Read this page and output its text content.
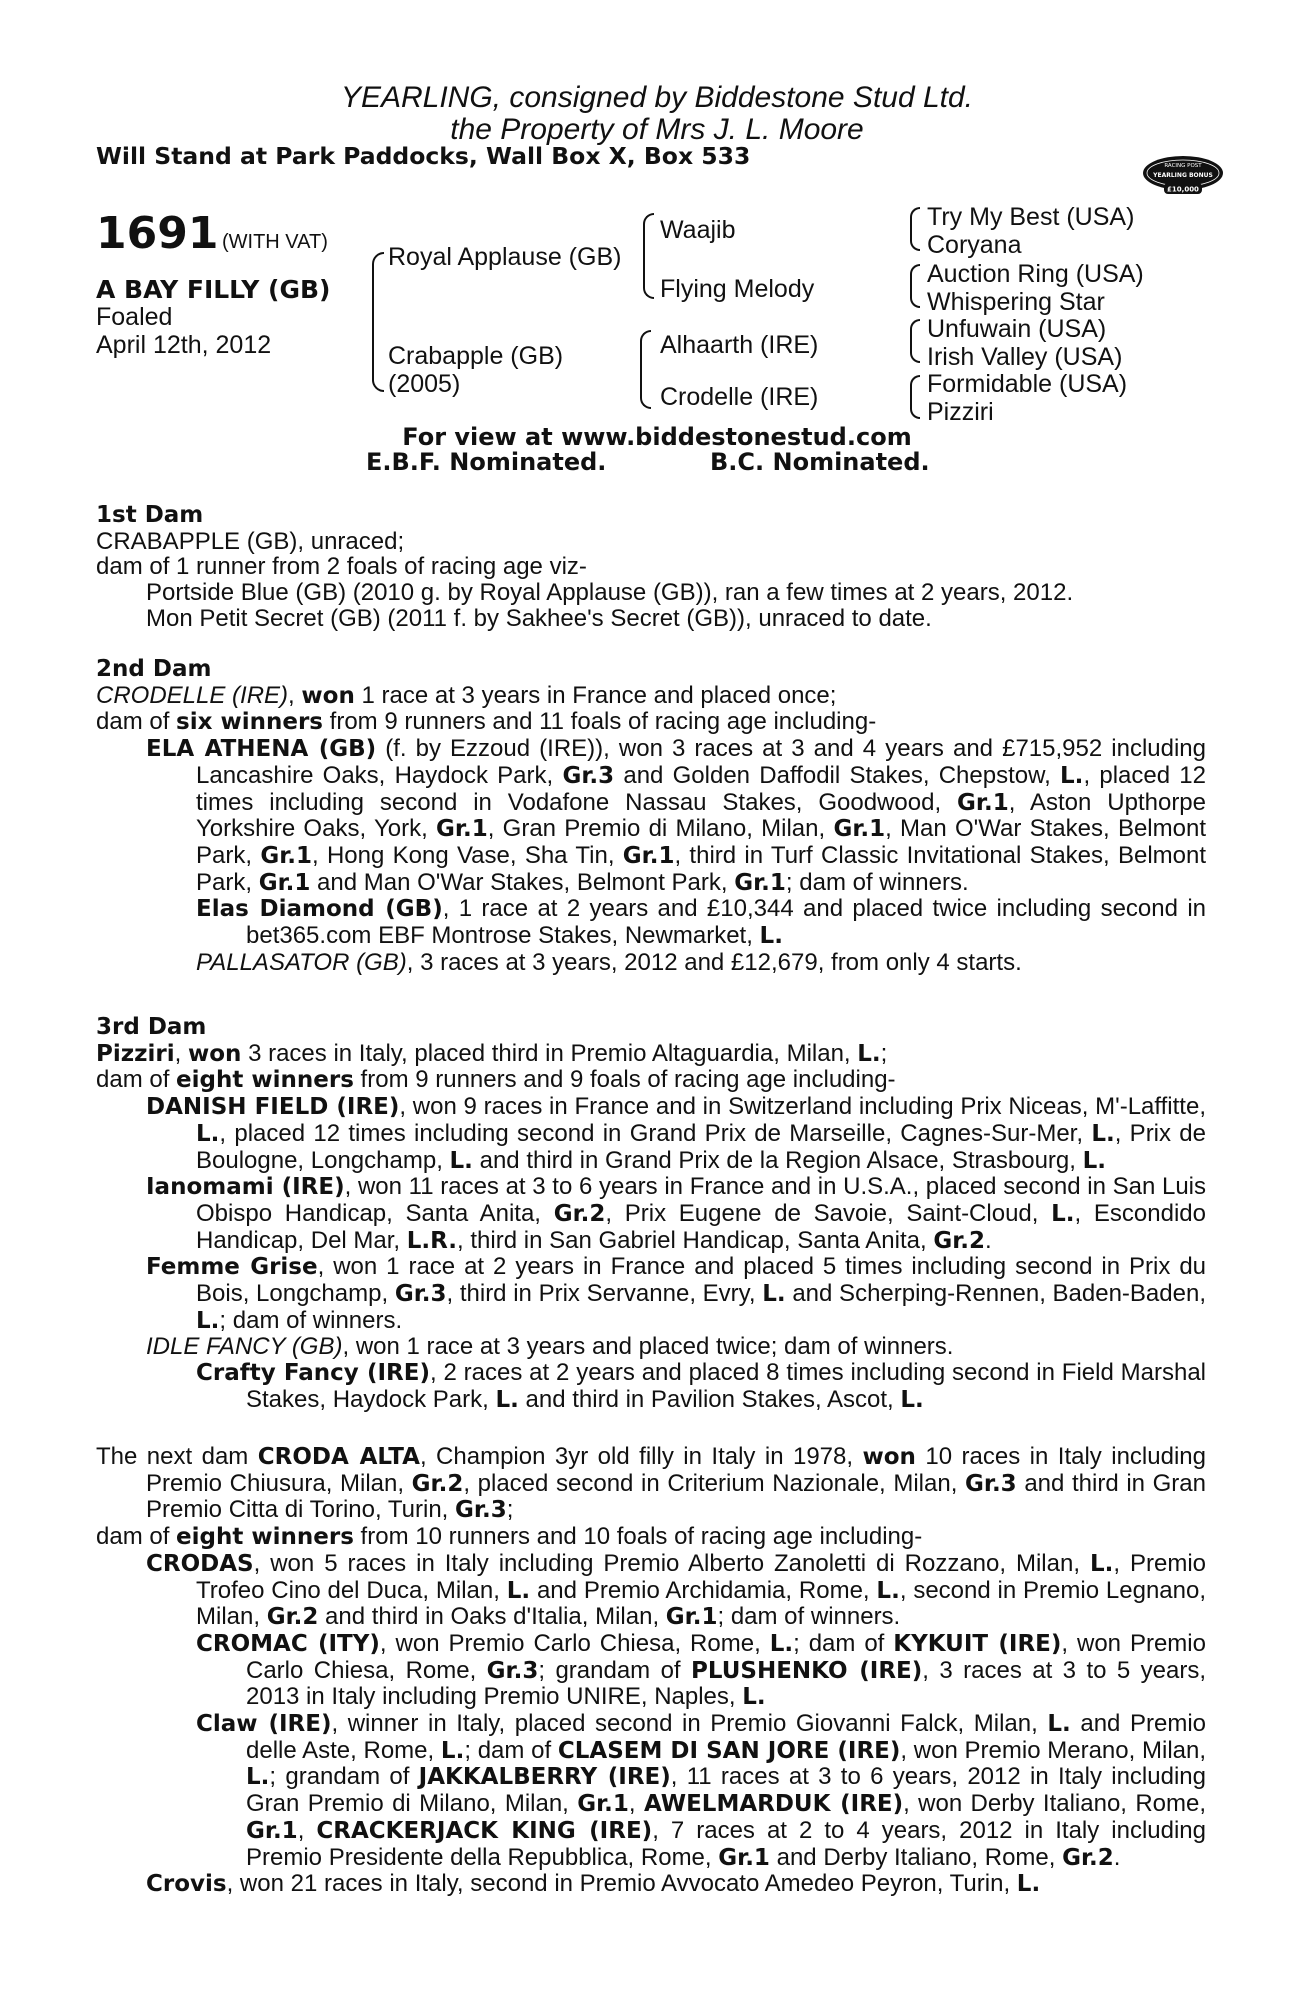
YEARLING, consigned by Biddestone Stud Ltd.
the Property of Mrs J. L. Moore
Will Stand at Park Paddocks, Wall Box X, Box 533	RACING POST
YEARLING BONUS
£10,000
1691 (WITH VAT)
A BAY FILLY (GB)
Foaled
April 12th, 2012
Royal Applause (GB)
Crabapple (GB)
(2005)
Waajib
Flying Melody
Alhaarth (IRE)
Crodelle (IRE)
Try My Best (USA)
Coryana
Auction Ring (USA)
Whispering Star
Unfuwain (USA)
Irish Valley (USA)
Formidable (USA)
Pizziri
For view at www.biddestonestud.com
E.B.F. Nominated.	B.C. Nominated.

1st Dam

CRABAPPLE (GB), unraced;

dam of 1 runner from 2 foals of racing age viz-

Portside Blue (GB) (2010 g. by Royal Applause (GB)), ran a few times at 2 years, 2012.

Mon Petit Secret (GB) (2011 f. by Sakhee's Secret (GB)), unraced to date.

2nd Dam

CRODELLE (IRE), won 1 race at 3 years in France and placed once;

dam of six winners from 9 runners and 11 foals of racing age including-

ELA ATHENA (GB) (f. by Ezzoud (IRE)), won 3 races at 3 and 4 years and £715,952 including Lancashire Oaks, Haydock Park, Gr.3 and Golden Daffodil Stakes, Chepstow, L., placed 12 times including second in Vodafone Nassau Stakes, Goodwood, Gr.1, Aston Upthorpe Yorkshire Oaks, York, Gr.1, Gran Premio di Milano, Milan, Gr.1, Man O'War Stakes, Belmont Park, Gr.1, Hong Kong Vase, Sha Tin, Gr.1, third in Turf Classic Invitational Stakes, Belmont Park, Gr.1 and Man O'War Stakes, Belmont Park, Gr.1; dam of winners.

Elas Diamond (GB), 1 race at 2 years and £10,344 and placed twice including second in bet365.com EBF Montrose Stakes, Newmarket, L.

PALLASATOR (GB), 3 races at 3 years, 2012 and £12,679, from only 4 starts.

3rd Dam

Pizziri, won 3 races in Italy, placed third in Premio Altaguardia, Milan, L.;

dam of eight winners from 9 runners and 9 foals of racing age including-

DANISH FIELD (IRE), won 9 races in France and in Switzerland including Prix Niceas, M'-Laffitte, L., placed 12 times including second in Grand Prix de Marseille, Cagnes-Sur-Mer, L., Prix de Boulogne, Longchamp, L. and third in Grand Prix de la Region Alsace, Strasbourg, L.

Ianomami (IRE), won 11 races at 3 to 6 years in France and in U.S.A., placed second in San Luis Obispo Handicap, Santa Anita, Gr.2, Prix Eugene de Savoie, Saint-Cloud, L., Escondido Handicap, Del Mar, L.R., third in San Gabriel Handicap, Santa Anita, Gr.2.

Femme Grise, won 1 race at 2 years in France and placed 5 times including second in Prix du Bois, Longchamp, Gr.3, third in Prix Servanne, Evry, L. and Scherping-Rennen, Baden-Baden, L.; dam of winners.

IDLE FANCY (GB), won 1 race at 3 years and placed twice; dam of winners.

Crafty Fancy (IRE), 2 races at 2 years and placed 8 times including second in Field Marshal Stakes, Haydock Park, L. and third in Pavilion Stakes, Ascot, L.

The next dam CRODA ALTA, Champion 3yr old filly in Italy in 1978, won 10 races in Italy including Premio Chiusura, Milan, Gr.2, placed second in Criterium Nazionale, Milan, Gr.3 and third in Gran Premio Citta di Torino, Turin, Gr.3;

dam of eight winners from 10 runners and 10 foals of racing age including-

CRODAS, won 5 races in Italy including Premio Alberto Zanoletti di Rozzano, Milan, L., Premio Trofeo Cino del Duca, Milan, L. and Premio Archidamia, Rome, L., second in Premio Legnano, Milan, Gr.2 and third in Oaks d'Italia, Milan, Gr.1; dam of winners.

CROMAC (ITY), won Premio Carlo Chiesa, Rome, L.; dam of KYKUIT (IRE), won Premio Carlo Chiesa, Rome, Gr.3; grandam of PLUSHENKO (IRE), 3 races at 3 to 5 years, 2013 in Italy including Premio UNIRE, Naples, L.

Claw (IRE), winner in Italy, placed second in Premio Giovanni Falck, Milan, L. and Premio delle Aste, Rome, L.; dam of CLASEM DI SAN JORE (IRE), won Premio Merano, Milan, L.; grandam of JAKKALBERRY (IRE), 11 races at 3 to 6 years, 2012 in Italy including Gran Premio di Milano, Milan, Gr.1, AWELMARDUK (IRE), won Derby Italiano, Rome, Gr.1, CRACKERJACK KING (IRE), 7 races at 2 to 4 years, 2012 in Italy including Premio Presidente della Repubblica, Rome, Gr.1 and Derby Italiano, Rome, Gr.2.

Crovis, won 21 races in Italy, second in Premio Avvocato Amedeo Peyron, Turin, L.
